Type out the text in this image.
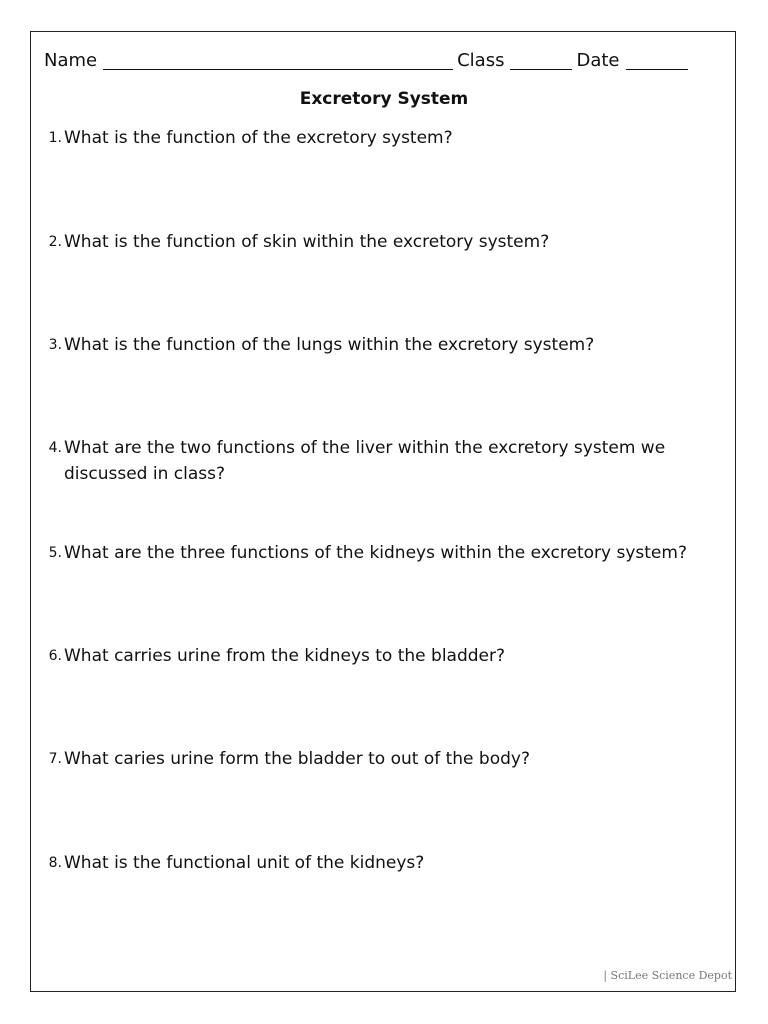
Name	Class	Date
Excretory System
1. What is the function of the excretory system?
2. What is the function of skin within the excretory system?
3. What is the function of the lungs within the excretory system?
4. What are the two functions of the liver within the excretory system we discussed in class?
5. What are the three functions of the kidneys within the excretory system?
6. What carries urine from the kidneys to the bladder?
7. What caries urine form the bladder to out of the body?
8. What is the functional unit of the kidneys?
| SciLee Science Depot
